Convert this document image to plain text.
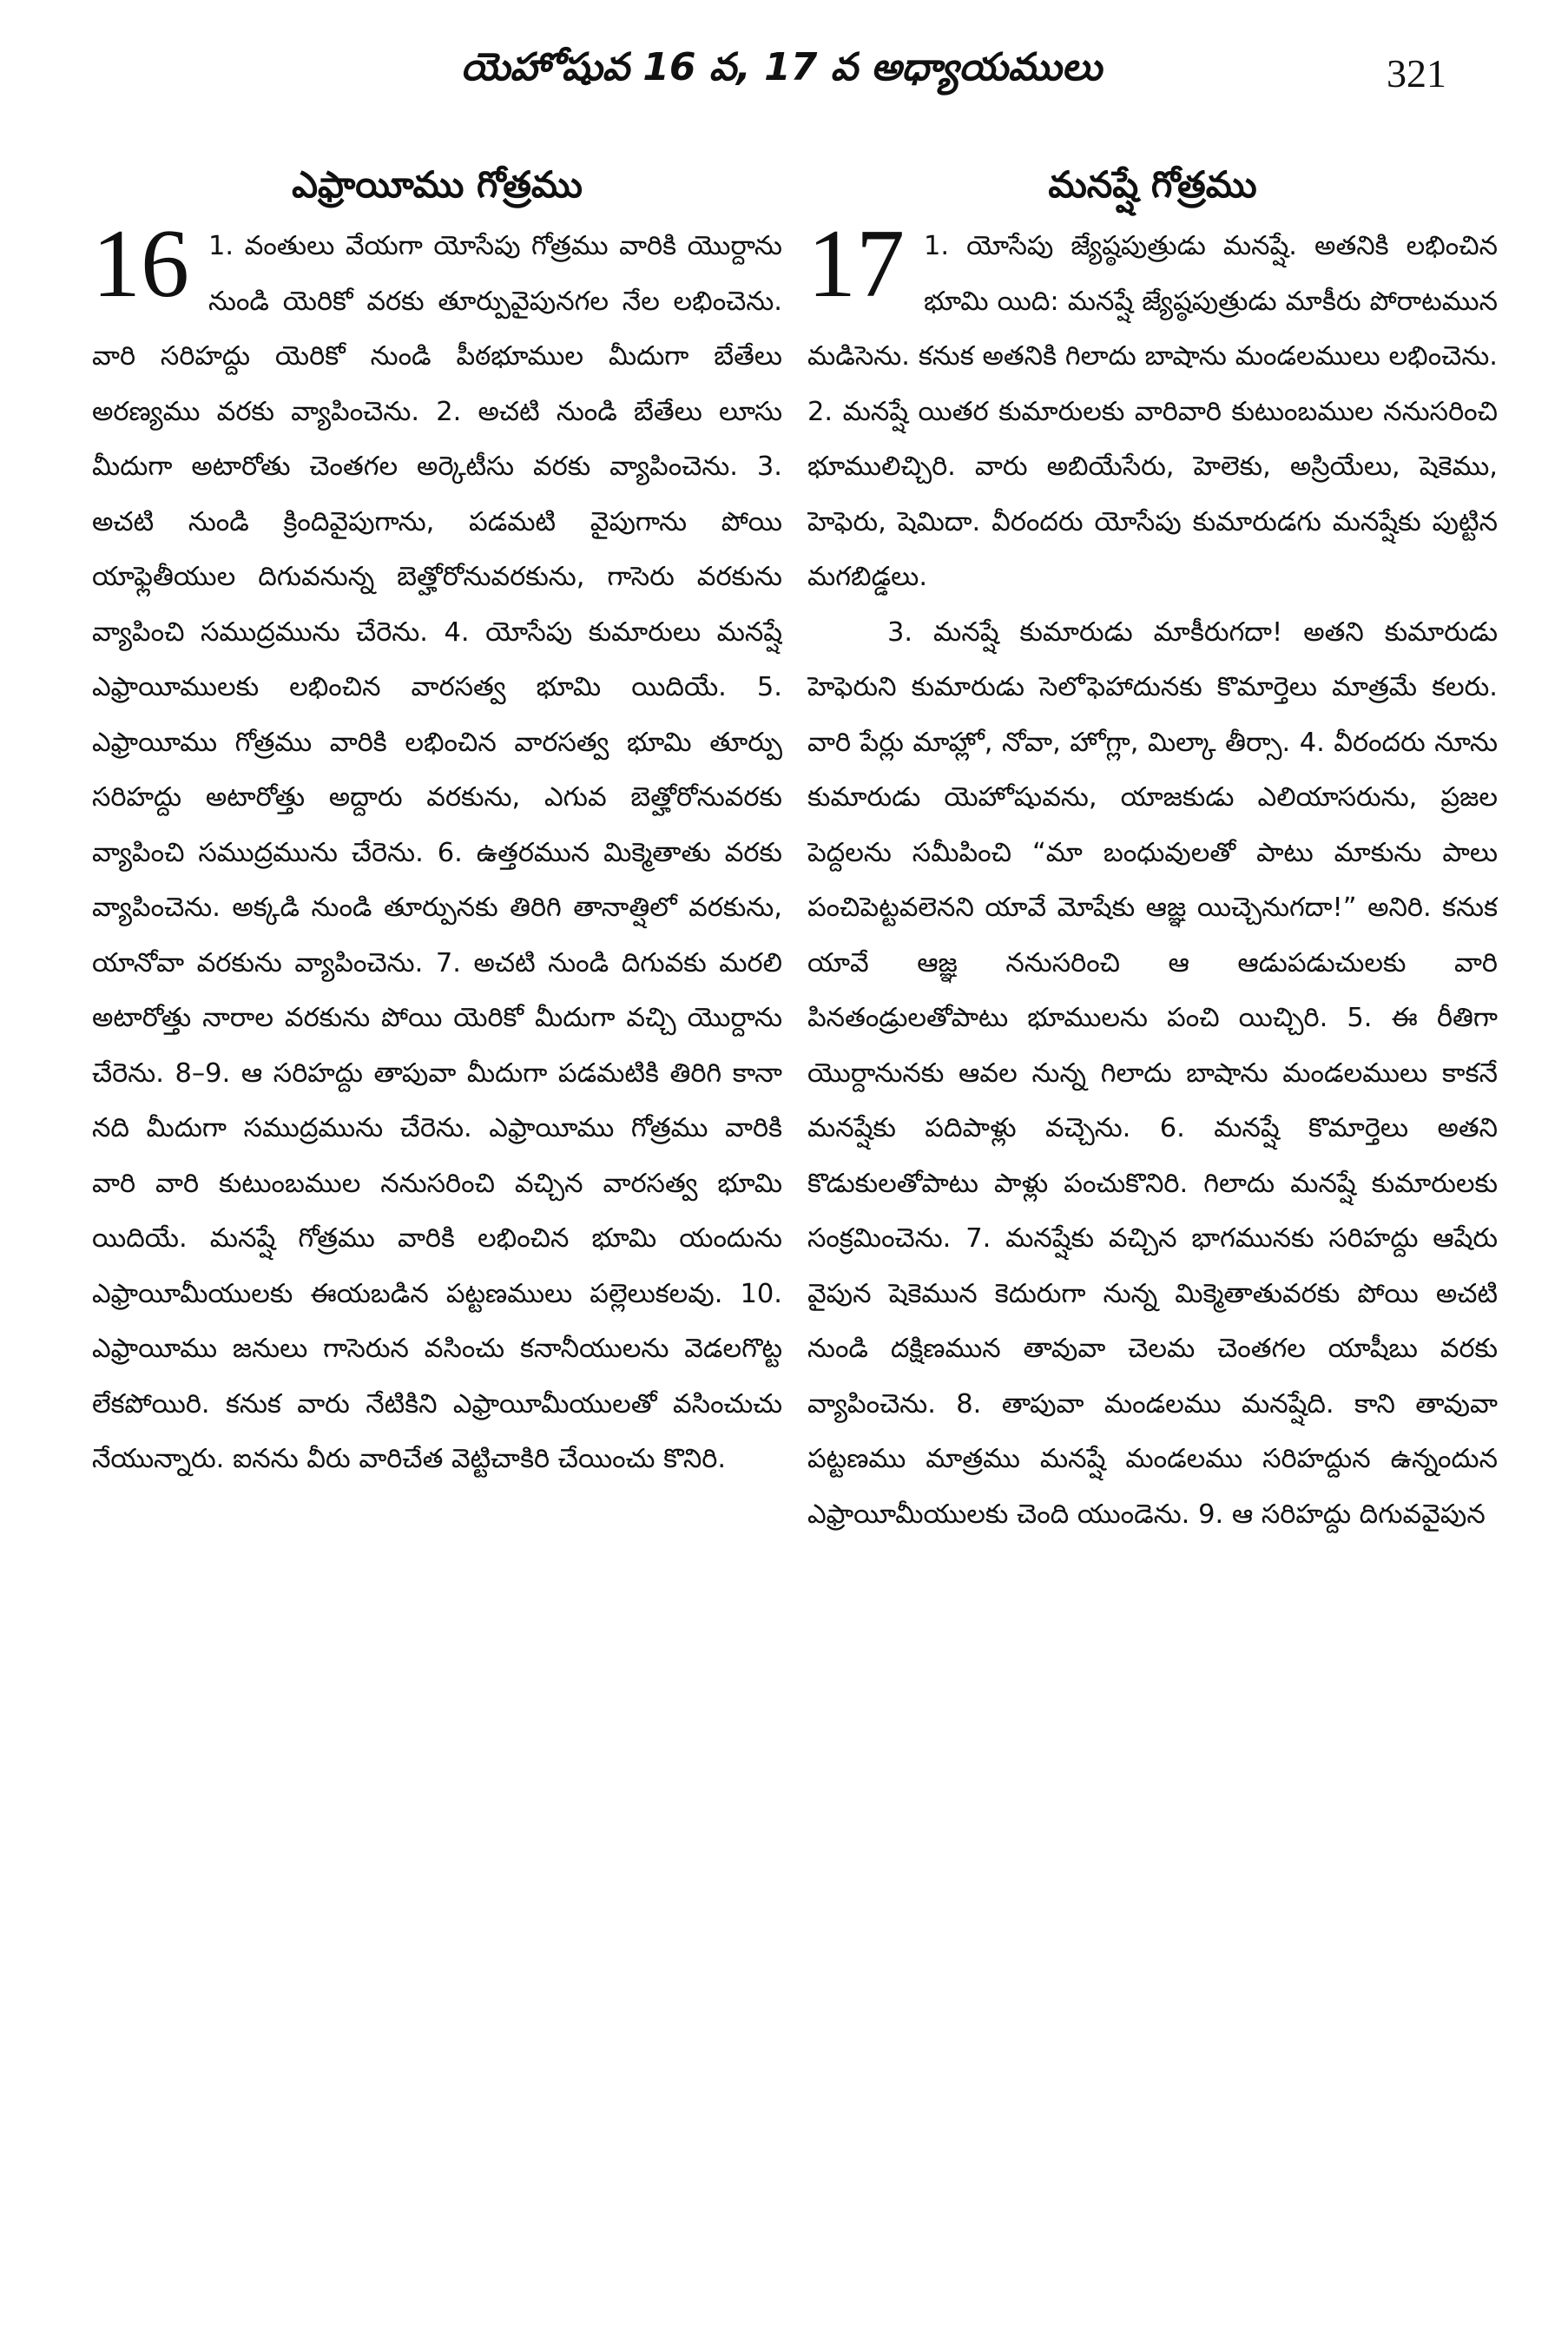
యెహోషువ 16 వ, 17 వ అధ్యాయములు	321
ఎఫ్రాయీము గోత్రము

16 1. వంతులు వేయగా యోసేపు గోత్రము వారికి యొర్దాను నుండి యెరికో వరకు తూర్పువైపునగల నేల లభించెను. వారి సరిహద్దు యెరికో నుండి పీఠభూముల మీదుగా బేతేలు అరణ్యము వరకు వ్యాపించెను. 2. అచటి నుండి బేతేలు లూసు మీదుగా అటారోతు చెంతగల అర్కెటీసు వరకు వ్యాపించెను. 3. అచటి నుండి క్రిందివైపుగాను, పడమటి వైపుగాను పోయి యాఫ్లెతీయుల దిగువనున్న బెత్హోరోనువరకును, గాసెరు వరకును వ్యాపించి సముద్రమును చేరెను. 4. యోసేపు కుమారులు మనష్షే ఎఫ్రాయీములకు లభించిన వారసత్వ భూమి యిదియే. 5. ఎఫ్రాయీము గోత్రము వారికి లభించిన వారసత్వ భూమి తూర్పు సరిహద్దు అటారోత్తు అద్దారు వరకును, ఎగువ బెత్హోరోనువరకు వ్యాపించి సముద్రమును చేరెను. 6. ఉత్తరమున మిక్మెతాతు వరకు వ్యాపించెను. అక్కడి నుండి తూర్పునకు తిరిగి తానాత్షిలో వరకును, యానోవా వరకును వ్యాపించెను. 7. అచటి నుండి దిగువకు మరలి అటారోత్తు నారాల వరకును పోయి యెరికో మీదుగా వచ్చి యొర్దాను చేరెను. 8–9. ఆ సరిహద్దు తాపువా మీదుగా పడమటికి తిరిగి కానా నది మీదుగా సముద్రమును చేరెను. ఎఫ్రాయీము గోత్రము వారికి వారి వారి కుటుంబముల ననుసరించి వచ్చిన వారసత్వ భూమి యిదియే. మనష్షే గోత్రము వారికి లభించిన భూమి యందును ఎఫ్రాయీమీయులకు ఈయబడిన పట్టణములు పల్లెలుకలవు. 10. ఎఫ్రాయీము జనులు గాసెరున వసించు కనానీయులను వెడలగొట్ట లేకపోయిరి. కనుక వారు నేటికిని ఎఫ్రాయీమీయులతో వసించుచు నేయున్నారు. ఐనను వీరు వారిచేత వెట్టిచాకిరి చేయించు కొనిరి.

మనష్షే గోత్రము

17 1. యోసేపు జ్యేష్ఠపుత్రుడు మనష్షే. అతనికి లభించిన భూమి యిది: మనష్షే జ్యేష్ఠపుత్రుడు మాకీరు పోరాటమున మడిసెను. కనుక అతనికి గిలాదు బాషాను మండలములు లభించెను. 2. మనష్షే యితర కుమారులకు వారివారి కుటుంబముల ననుసరించి భూములిచ్చిరి. వారు అబియేసేరు, హెలెకు, అస్రియేలు, షెకెము, హెఫెరు, షెమిదా. వీరందరు యోసేపు కుమారుడగు మనష్షేకు పుట్టిన మగబిడ్డలు.

3. మనష్షే కుమారుడు మాకీరుగదా! అతని కుమారుడు హెఫెరుని కుమారుడు సెలోఫెహాదునకు కొమార్తెలు మాత్రమే కలరు. వారి పేర్లు మాహ్లో, నోవా, హోగ్లా, మిల్కా తీర్సా. 4. వీరందరు నూను కుమారుడు యెహోషువను, యాజకుడు ఎలియాసరును, ప్రజల పెద్దలను సమీపించి “మా బంధువులతో పాటు మాకును పాలు పంచిపెట్టవలెనని యావే మోషేకు ఆజ్ఞ యిచ్చెనుగదా!” అనిరి. కనుక యావే ఆజ్ఞ ననుసరించి ఆ ఆడుపడుచులకు వారి పినతండ్రులతోపాటు భూములను పంచి యిచ్చిరి. 5. ఈ రీతిగా యొర్దానునకు ఆవల నున్న గిలాదు బాషాను మండలములు కాకనే మనష్షేకు పదిపాళ్లు వచ్చెను. 6. మనష్షే కొమార్తెలు అతని కొడుకులతోపాటు పాళ్లు పంచుకొనిరి. గిలాదు మనష్షే కుమారులకు సంక్రమించెను. 7. మనష్షేకు వచ్చిన భాగమునకు సరిహద్దు ఆషేరు వైపున షెకెమున కెదురుగా నున్న మిక్మెతాతువరకు పోయి అచటి నుండి దక్షిణమున తావువా చెలమ చెంతగల యాషీబు వరకు వ్యాపించెను. 8. తాపువా మండలము మనష్షేది. కాని తావువా పట్టణము మాత్రము మనష్షే మండలము సరిహద్దున ఉన్నందున ఎఫ్రాయీమీయులకు చెంది యుండెను. 9. ఆ సరిహద్దు దిగువవైపున
